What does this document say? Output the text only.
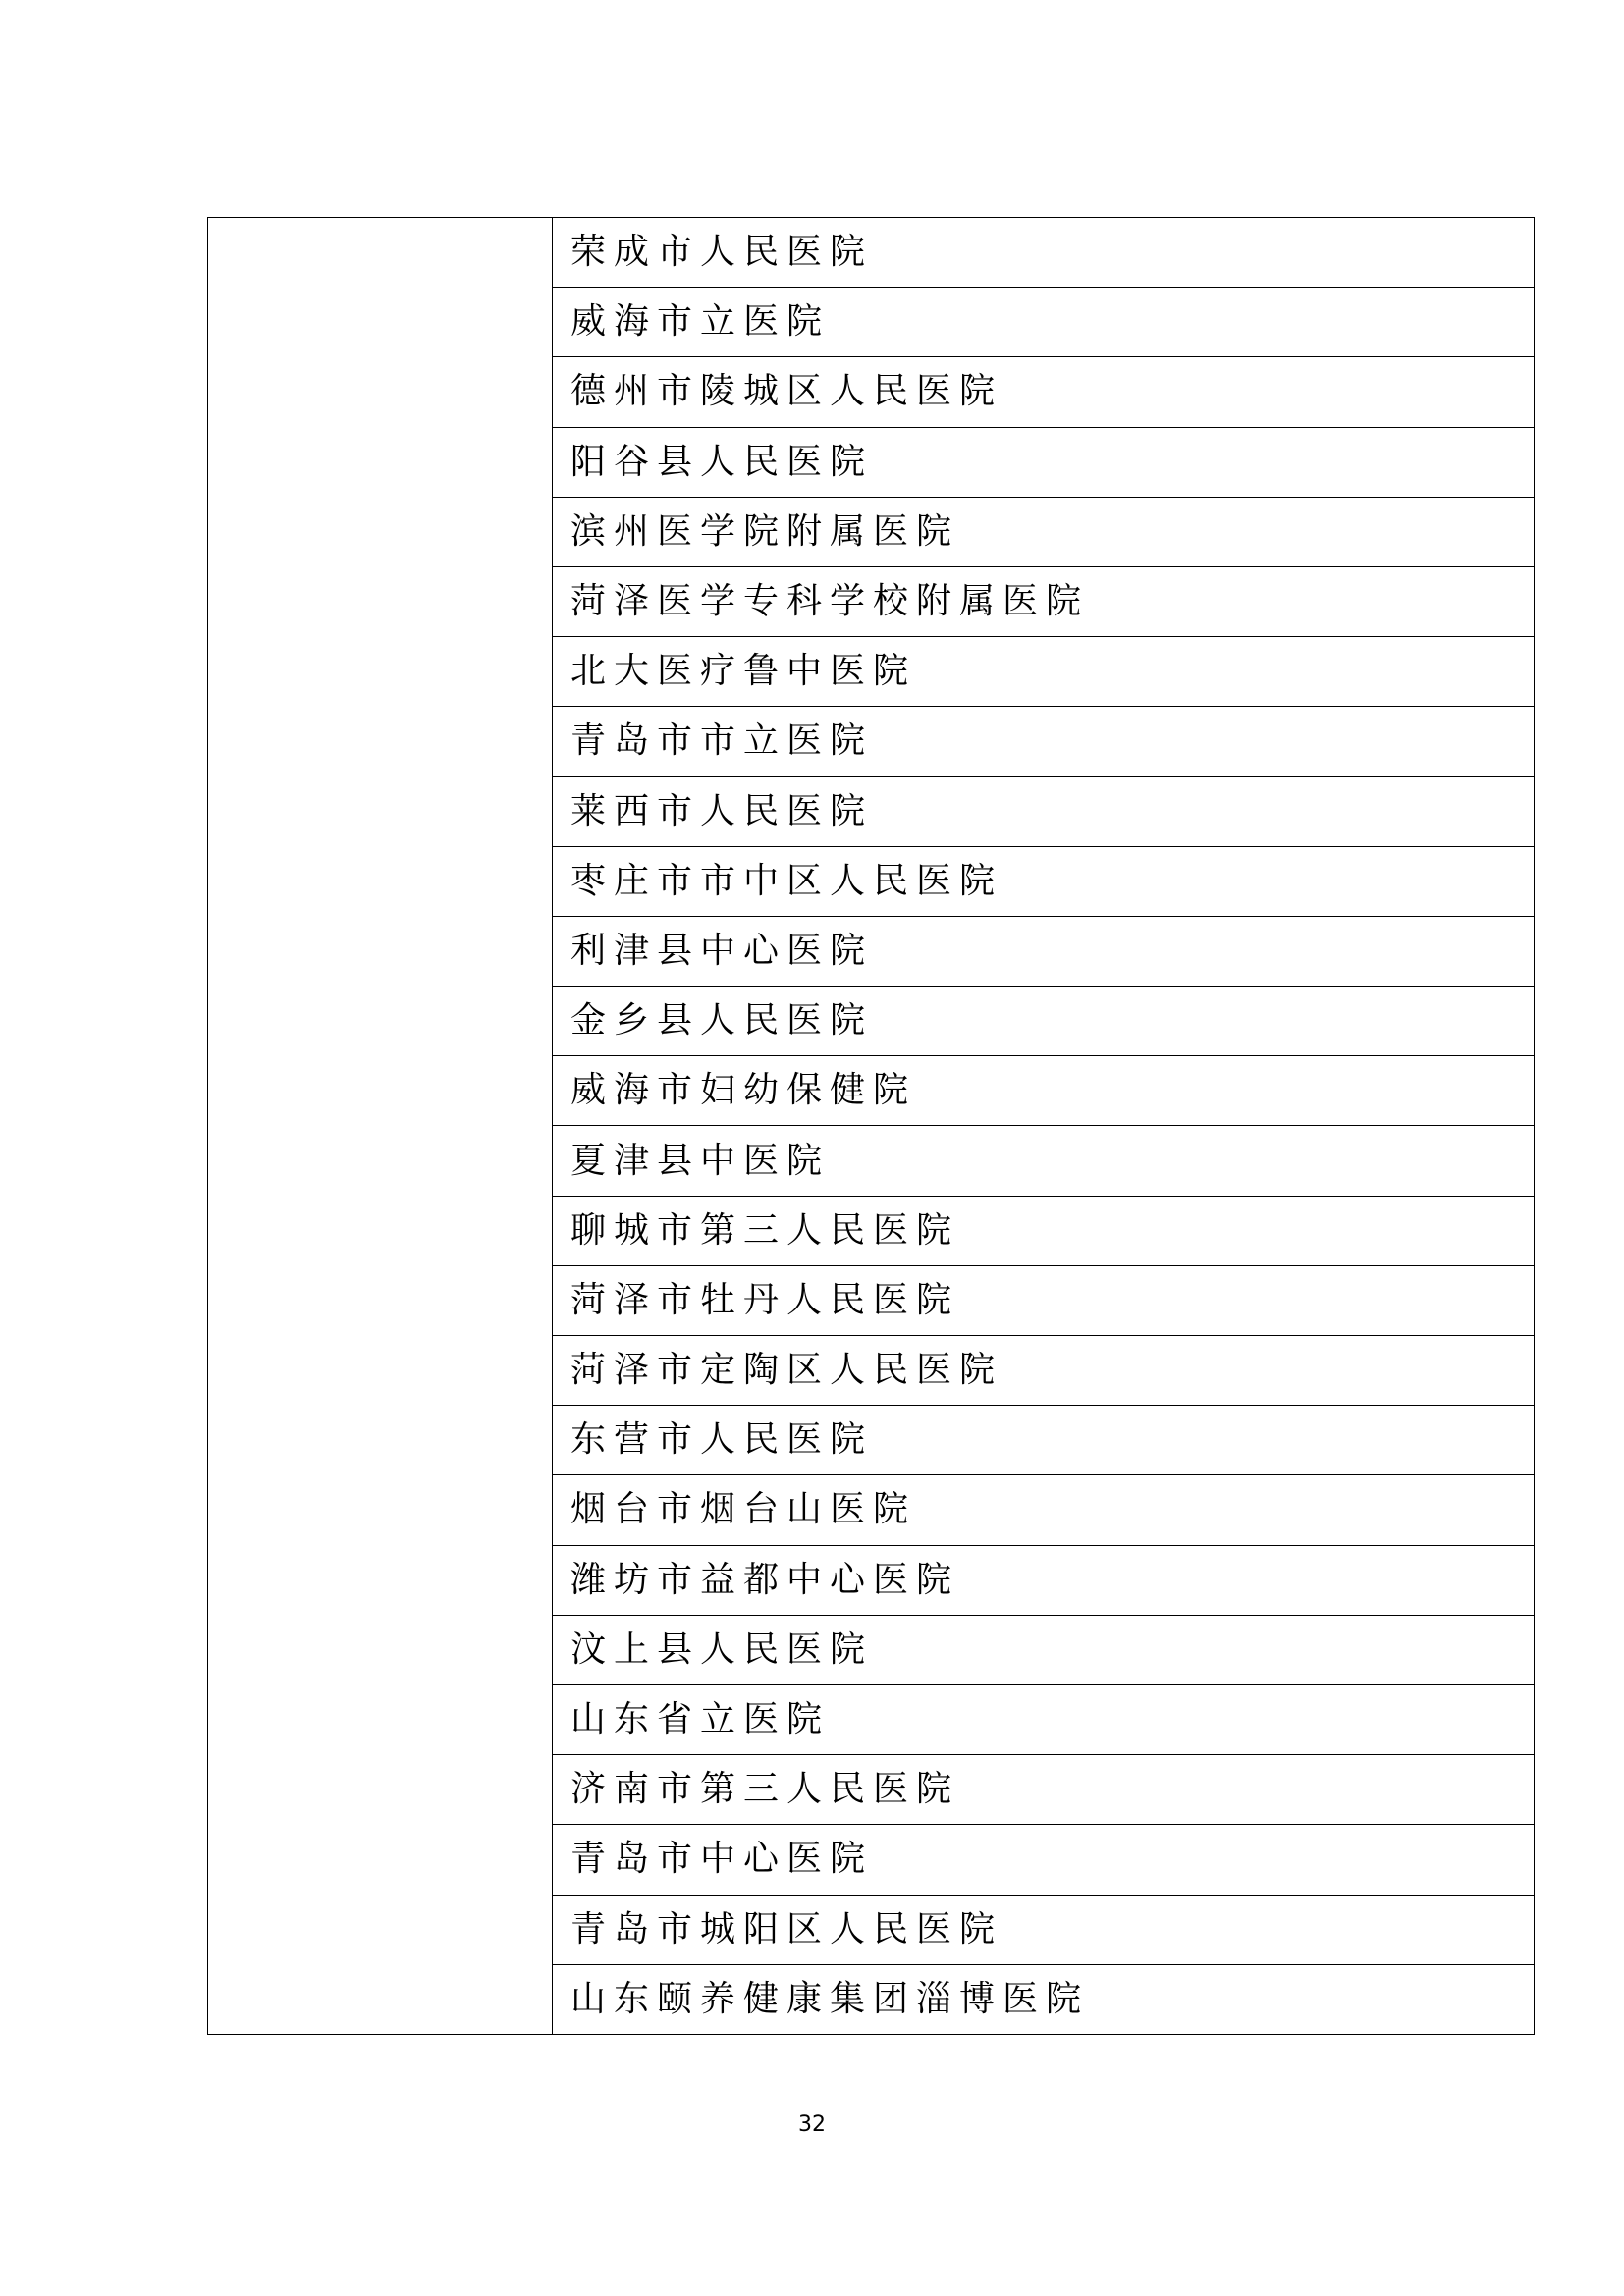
	荣成市人民医院
威海市立医院
德州市陵城区人民医院
阳谷县人民医院
滨州医学院附属医院
菏泽医学专科学校附属医院
北大医疗鲁中医院
青岛市市立医院
莱西市人民医院
枣庄市市中区人民医院
利津县中心医院
金乡县人民医院
威海市妇幼保健院
夏津县中医院
聊城市第三人民医院
菏泽市牡丹人民医院
菏泽市定陶区人民医院
东营市人民医院
烟台市烟台山医院
潍坊市益都中心医院
汶上县人民医院
山东省立医院
济南市第三人民医院
青岛市中心医院
青岛市城阳区人民医院
山东颐养健康集团淄博医院
32
